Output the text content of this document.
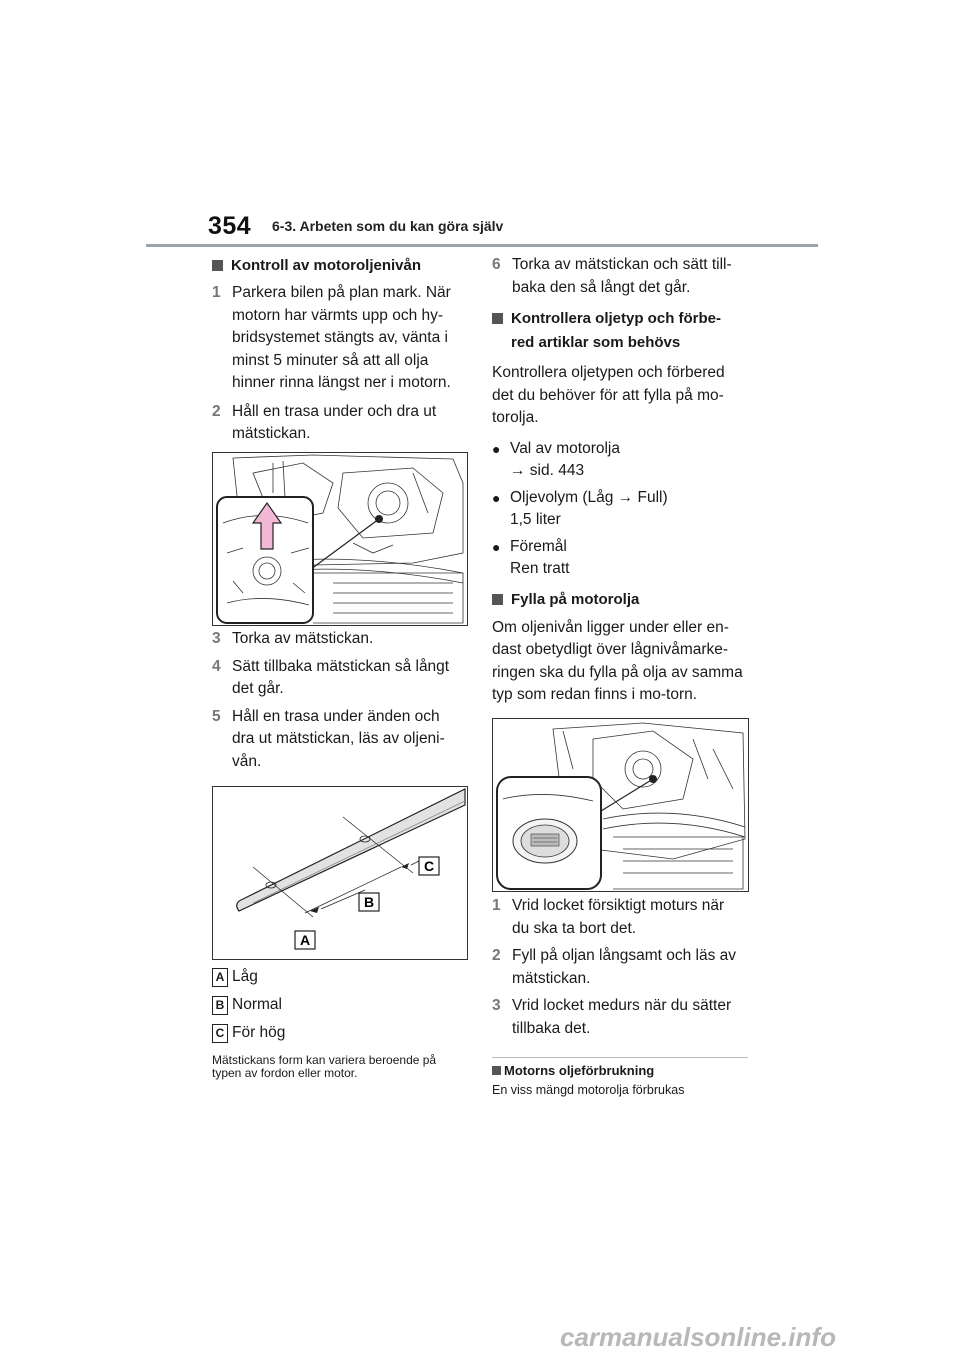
354 6-3. Arbeten som du kan göra själv
Kontroll av motoroljenivån
1 Parkera bilen på plan mark. När motorn har värmts upp och hy-bridsystemet stängts av, vänta i minst 5 minuter så att all olja hinner rinna längst ner i motorn.
2 Håll en trasa under och dra ut mätstickan.
3 Torka av mätstickan.
4 Sätt tillbaka mätstickan så långt det går.
5 Håll en trasa under änden och dra ut mätstickan, läs av oljeni-vån.
A
B
C
A Låg
B Normal
C För hög
Mätstickans form kan variera beroende på typen av fordon eller motor.
6 Torka av mätstickan och sätt till-baka den så långt det går.
Kontrollera oljetyp och förbe-red artiklar som behövs
Kontrollera oljetypen och förbered det du behöver för att fylla på mo-torolja.
● Val av motorolja
→ sid. 443
● Oljevolym (Låg → Full)
1,5 liter
● Föremål
Ren tratt
Fylla på motorolja
Om oljenivån ligger under eller en-dast obetydligt över lågnivåmarke-ringen ska du fylla på olja av samma typ som redan finns i mo-torn.
1 Vrid locket försiktigt moturs när du ska ta bort det.
2 Fyll på oljan långsamt och läs av mätstickan.
3 Vrid locket medurs när du sätter tillbaka det.
Motorns oljeförbrukning
En viss mängd motorolja förbrukas
carmanualsonline.info
